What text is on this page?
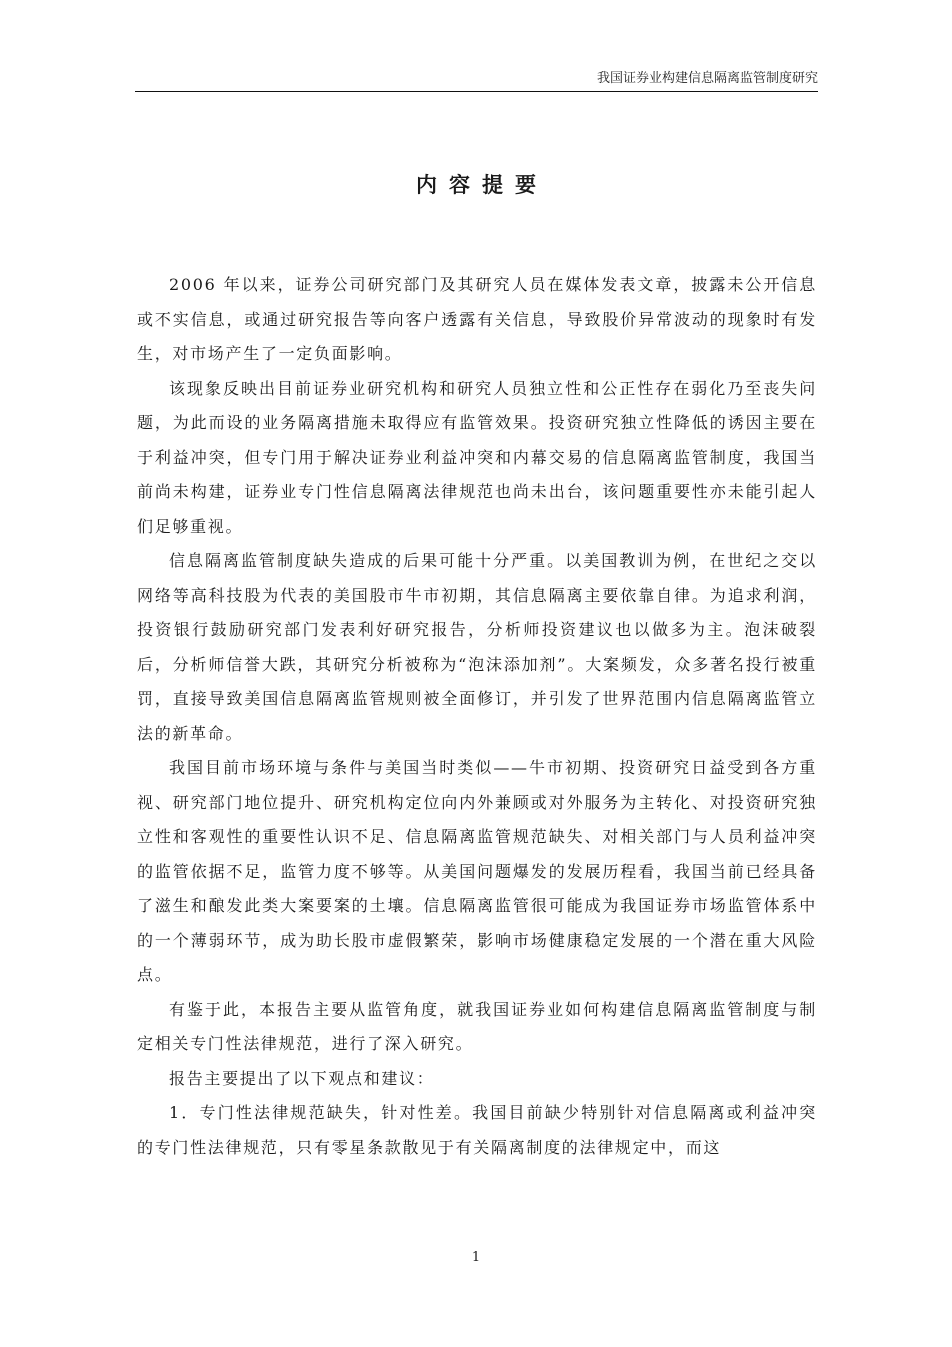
我国证券业构建信息隔离监管制度研究
内容提要

2006 年以来，证券公司研究部门及其研究人员在媒体发表文章，披露未公开信息或不实信息，或通过研究报告等向客户透露有关信息，导致股价异常波动的现象时有发生，对市场产生了一定负面影响。

该现象反映出目前证券业研究机构和研究人员独立性和公正性存在弱化乃至丧失问题，为此而设的业务隔离措施未取得应有监管效果。投资研究独立性降低的诱因主要在于利益冲突，但专门用于解决证券业利益冲突和内幕交易的信息隔离监管制度，我国当前尚未构建，证券业专门性信息隔离法律规范也尚未出台，该问题重要性亦未能引起人们足够重视。

信息隔离监管制度缺失造成的后果可能十分严重。以美国教训为例，在世纪之交以网络等高科技股为代表的美国股市牛市初期，其信息隔离主要依靠自律。为追求利润，投资银行鼓励研究部门发表利好研究报告，分析师投资建议也以做多为主。泡沫破裂后，分析师信誉大跌，其研究分析被称为“泡沫添加剂”。大案频发，众多著名投行被重罚，直接导致美国信息隔离监管规则被全面修订，并引发了世界范围内信息隔离监管立法的新革命。

我国目前市场环境与条件与美国当时类似——牛市初期、投资研究日益受到各方重视、研究部门地位提升、研究机构定位向内外兼顾或对外服务为主转化、对投资研究独立性和客观性的重要性认识不足、信息隔离监管规范缺失、对相关部门与人员利益冲突的监管依据不足，监管力度不够等。从美国问题爆发的发展历程看，我国当前已经具备了滋生和酿发此类大案要案的土壤。信息隔离监管很可能成为我国证券市场监管体系中的一个薄弱环节，成为助长股市虚假繁荣，影响市场健康稳定发展的一个潜在重大风险点。

有鉴于此，本报告主要从监管角度，就我国证券业如何构建信息隔离监管制度与制定相关专门性法律规范，进行了深入研究。

报告主要提出了以下观点和建议：

1．专门性法律规范缺失，针对性差。我国目前缺少特别针对信息隔离或利益冲突的专门性法律规范，只有零星条款散见于有关隔离制度的法律规定中，而这

1
